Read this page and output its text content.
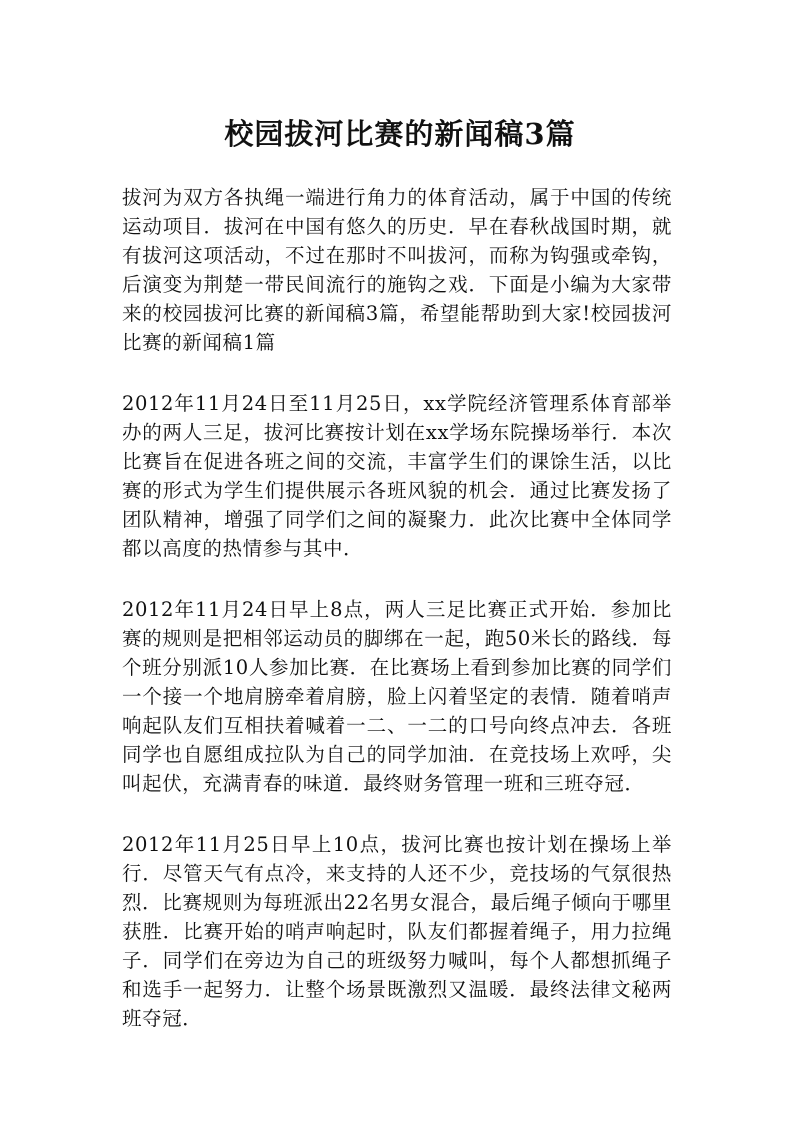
校园拔河比赛的新闻稿3篇

拔河为双方各执绳一端进行角力的体育活动，属于中国的传统运动项目．拔河在中国有悠久的历史．早在春秋战国时期，就有拔河这项活动，不过在那时不叫拔河，而称为钩强或牵钩，后演变为荆楚一带民间流行的施钩之戏．下面是小编为大家带来的校园拔河比赛的新闻稿3篇，希望能帮助到大家!校园拔河比赛的新闻稿1篇

2012年11月24日至11月25日，xx学院经济管理系体育部举办的两人三足，拔河比赛按计划在xx学场东院操场举行．本次比赛旨在促进各班之间的交流，丰富学生们的课馀生活，以比赛的形式为学生们提供展示各班风貌的机会．通过比赛发扬了团队精神，增强了同学们之间的凝聚力．此次比赛中全体同学都以高度的热情参与其中．

2012年11月24日早上8点，两人三足比赛正式开始．参加比赛的规则是把相邻运动员的脚绑在一起，跑50米长的路线．每个班分别派10人参加比赛．在比赛场上看到参加比赛的同学们一个接一个地肩膀牵着肩膀，脸上闪着坚定的表情．随着哨声响起队友们互相扶着喊着一二、一二的口号向终点冲去．各班同学也自愿组成拉队为自己的同学加油．在竞技场上欢呼，尖叫起伏，充满青春的味道．最终财务管理一班和三班夺冠．

2012年11月25日早上10点，拔河比赛也按计划在操场上举行．尽管天气有点冷，来支持的人还不少，竞技场的气氛很热烈．比赛规则为每班派出22名男女混合，最后绳子倾向于哪里获胜．比赛开始的哨声响起时，队友们都握着绳子，用力拉绳子．同学们在旁边为自己的班级努力喊叫，每个人都想抓绳子和选手一起努力．让整个场景既激烈又温暖．最终法律文秘两班夺冠．
